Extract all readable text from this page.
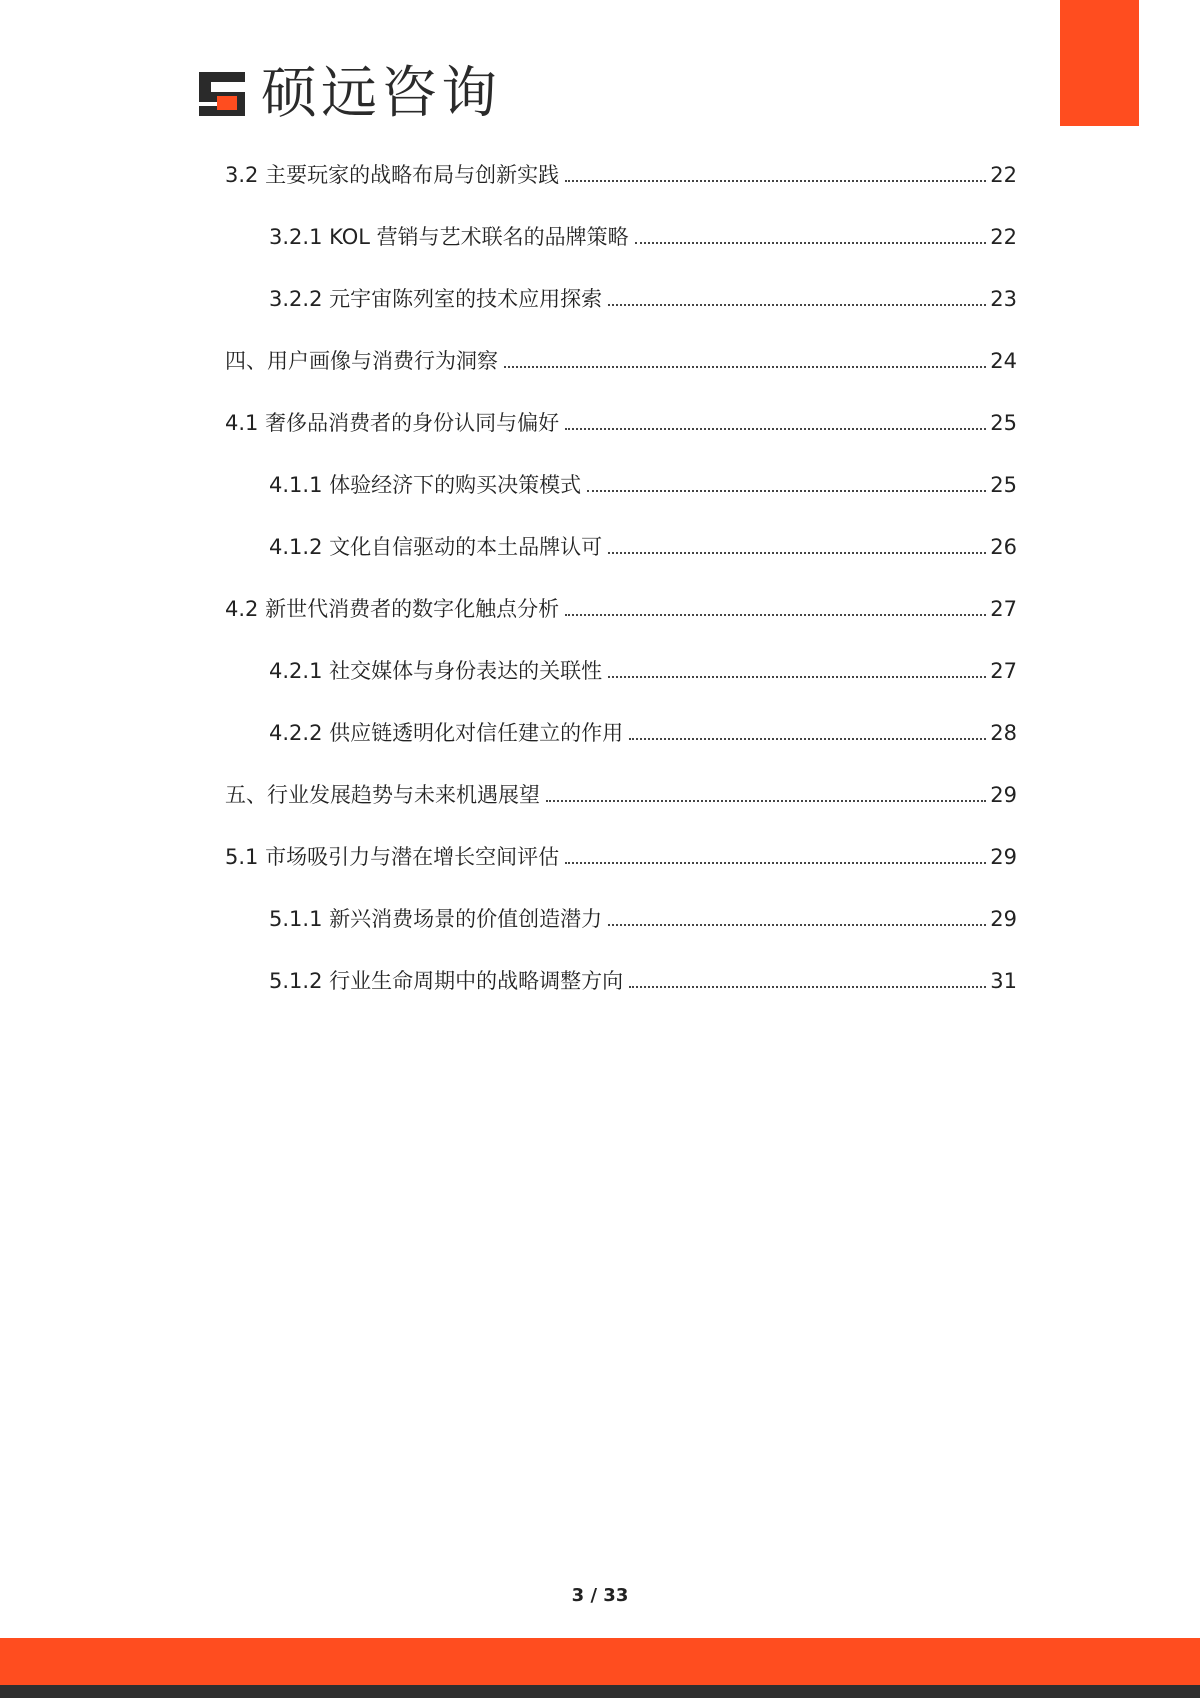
硕远咨询
3.2 主要玩家的战略布局与创新实践	22
3.2.1 KOL 营销与艺术联名的品牌策略	22
3.2.2 元宇宙陈列室的技术应用探索	23
四、用户画像与消费行为洞察	24
4.1 奢侈品消费者的身份认同与偏好	25
4.1.1 体验经济下的购买决策模式	25
4.1.2 文化自信驱动的本土品牌认可	26
4.2 新世代消费者的数字化触点分析	27
4.2.1 社交媒体与身份表达的关联性	27
4.2.2 供应链透明化对信任建立的作用	28
五、行业发展趋势与未来机遇展望	29
5.1 市场吸引力与潜在增长空间评估	29
5.1.1 新兴消费场景的价值创造潜力	29
5.1.2 行业生命周期中的战略调整方向	31
3 / 33
